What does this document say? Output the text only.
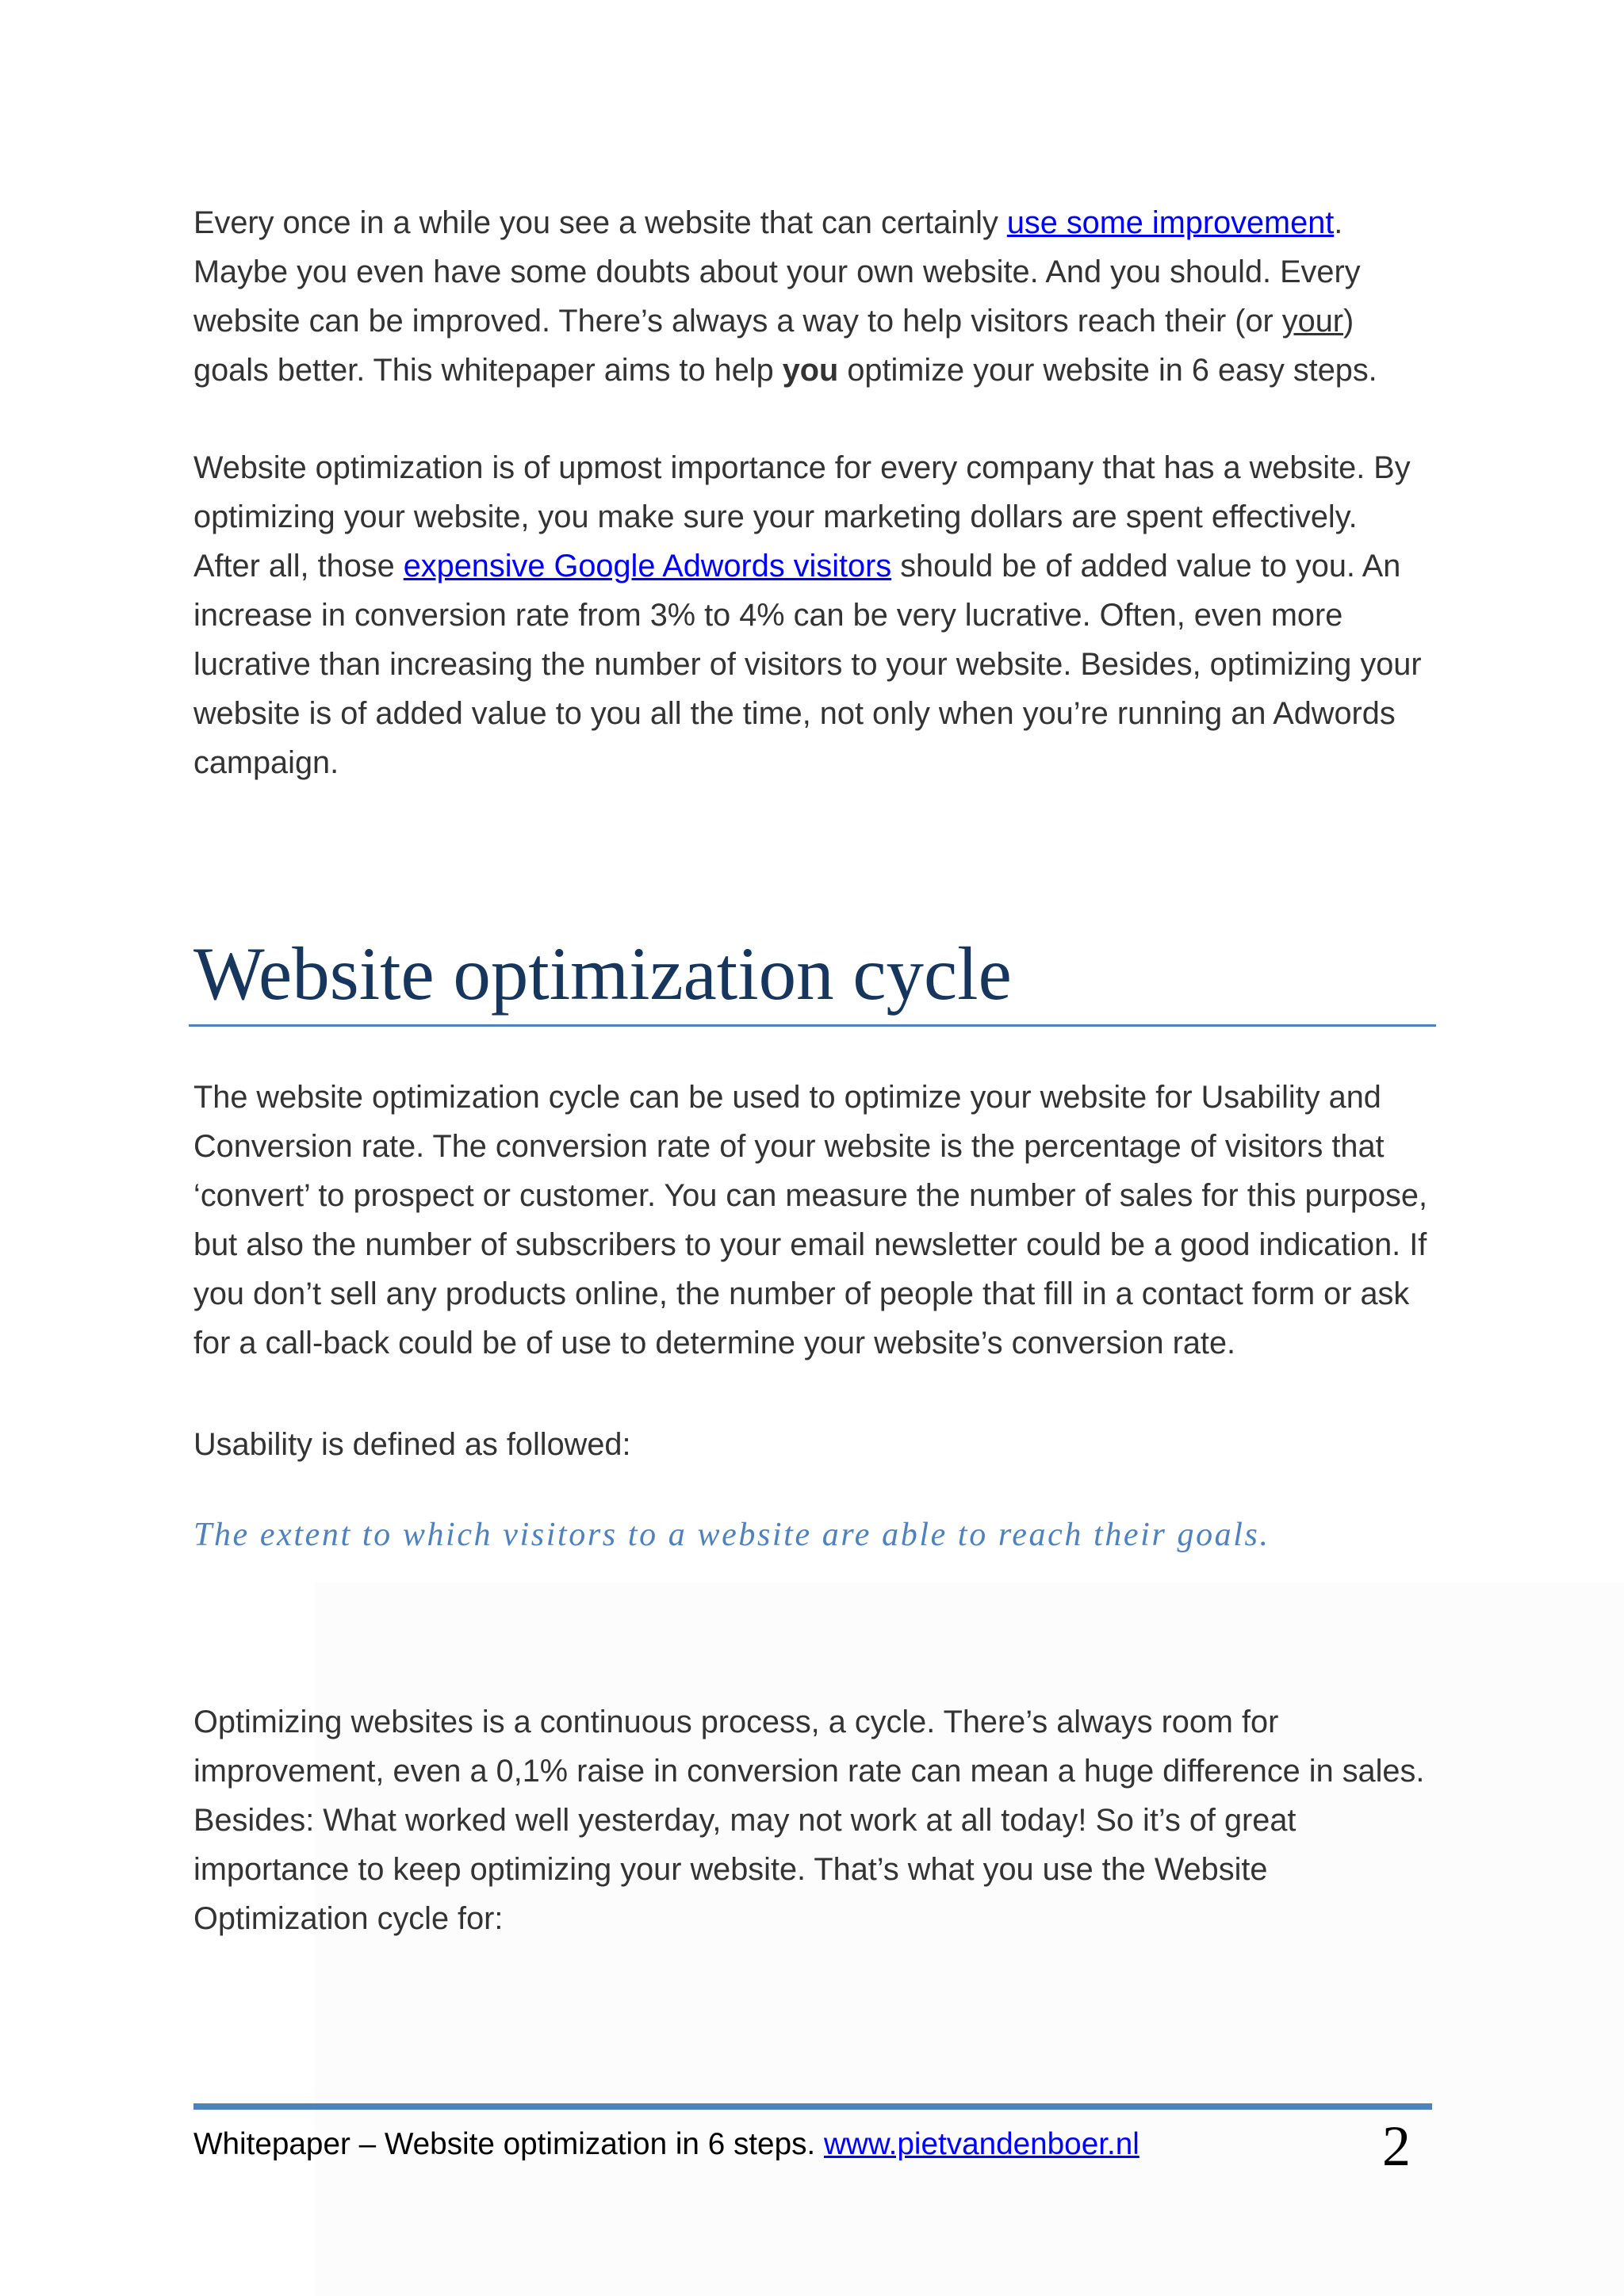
Every once in a while you see a website that can certainly use some improvement.
Maybe you even have some doubts about your own website. And you should. Every
website can be improved. There’s always a way to help visitors reach their (or your)
goals better. This whitepaper aims to help you optimize your website in 6 easy steps.
Website optimization is of upmost importance for every company that has a website. By
optimizing your website, you make sure your marketing dollars are spent effectively.
After all, those expensive Google Adwords visitors should be of added value to you. An
increase in conversion rate from 3% to 4% can be very lucrative. Often, even more
lucrative than increasing the number of visitors to your website. Besides, optimizing your
website is of added value to you all the time, not only when you’re running an Adwords
campaign.
Website optimization cycle
The website optimization cycle can be used to optimize your website for Usability and
Conversion rate. The conversion rate of your website is the percentage of visitors that
‘convert’ to prospect or customer. You can measure the number of sales for this purpose,
but also the number of subscribers to your email newsletter could be a good indication. If
you don’t sell any products online, the number of people that fill in a contact form or ask
for a call-back could be of use to determine your website’s conversion rate.
Usability is defined as followed:
The extent to which visitors to a website are able to reach their goals.
Optimizing websites is a continuous process, a cycle. There’s always room for
improvement, even a 0,1% raise in conversion rate can mean a huge difference in sales.
Besides: What worked well yesterday, may not work at all today! So it’s of great
importance to keep optimizing your website. That’s what you use the Website
Optimization cycle for:
Whitepaper – Website optimization in 6 steps. www.pietvandenboer.nl	2
